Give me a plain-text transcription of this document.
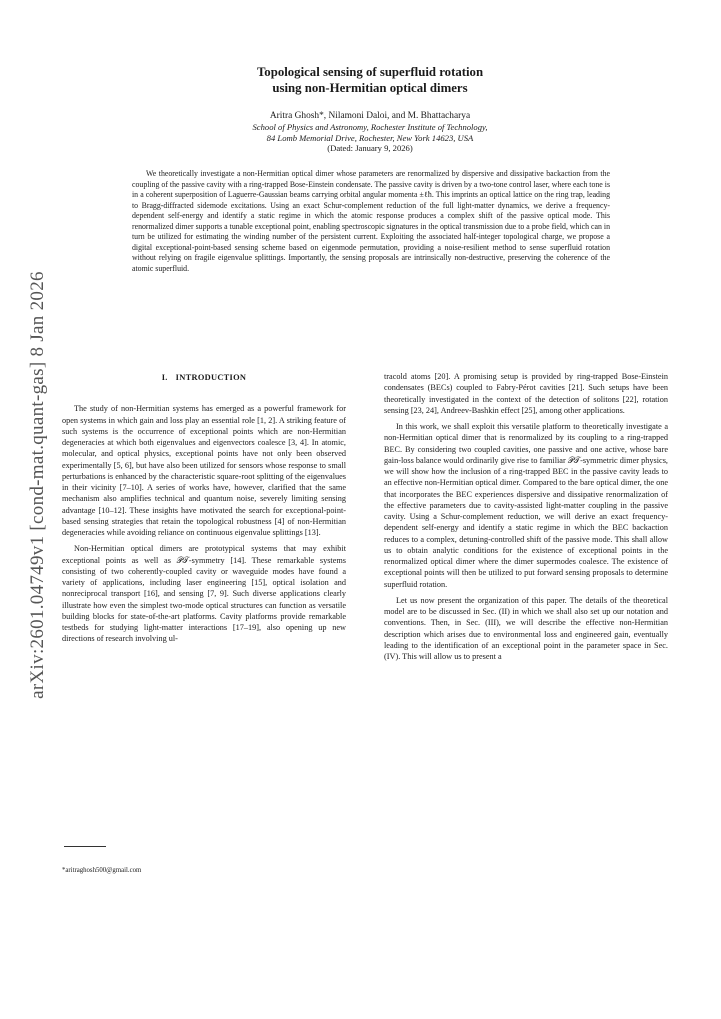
arXiv:2601.04749v1 [cond-mat.quant-gas] 8 Jan 2026
Topological sensing of superfluid rotation
using non-Hermitian optical dimers
Aritra Ghosh*, Nilamoni Daloi, and M. Bhattacharya
School of Physics and Astronomy, Rochester Institute of Technology,
84 Lomb Memorial Drive, Rochester, New York 14623, USA
(Dated: January 9, 2026)

We theoretically investigate a non-Hermitian optical dimer whose parameters are renormalized by dispersive and dissipative backaction from the coupling of the passive cavity with a ring-trapped Bose-Einstein condensate. The passive cavity is driven by a two-tone control laser, where each tone is in a coherent superposition of Laguerre-Gaussian beams carrying orbital angular momenta ±ℓħ. This imprints an optical lattice on the ring trap, leading to Bragg-diffracted sidemode excitations. Using an exact Schur-complement reduction of the full light-matter dynamics, we derive a frequency-dependent self-energy and identify a static regime in which the atomic response produces a complex shift of the passive optical mode. This renormalized dimer supports a tunable exceptional point, enabling spectroscopic signatures in the optical transmission due to a probe field, which can in turn be utilized for estimating the winding number of the persistent current. Exploiting the associated half-integer topological charge, we propose a digital exceptional-point-based sensing scheme based on eigenmode permutation, providing a noise-resilient method to sense superfluid rotation without relying on fragile eigenvalue splittings. Importantly, the sensing proposals are intrinsically non-destructive, preserving the coherence of the atomic superfluid.

I. INTRODUCTION

The study of non-Hermitian systems has emerged as a powerful framework for open systems in which gain and loss play an essential role [1, 2]. A striking feature of such systems is the occurrence of exceptional points which are non-Hermitian degeneracies at which both eigenvalues and eigenvectors coalesce [3, 4]. In atomic, molecular, and optical physics, exceptional points have not only been observed experimentally [5, 6], but have also been utilized for sensors whose response to small perturbations is enhanced by the characteristic square-root splitting of the eigenvalues in their vicinity [7–10]. A series of works have, however, clarified that the same mechanism also amplifies technical and quantum noise, severely limiting sensing advantage [10–12]. These insights have motivated the search for exceptional-point-based sensing strategies that retain the topological robustness [4] of non-Hermitian degeneracies while avoiding reliance on continuous eigenvalue splittings [13].

Non-Hermitian optical dimers are prototypical systems that may exhibit exceptional points as well as 𝒫𝒯-symmetry [14]. These remarkable systems consisting of two coherently-coupled cavity or waveguide modes have found a variety of applications, including laser engineering [15], optical isolation and nonreciprocal transport [16], and sensing [7, 9]. Such diverse applications clearly illustrate how even the simplest two-mode optical structures can function as versatile building blocks for state-of-the-art platforms. Cavity platforms provide remarkable testbeds for studying light-matter interactions [17–19], also opening up new directions of research involving ul-

tracold atoms [20]. A promising setup is provided by ring-trapped Bose-Einstein condensates (BECs) coupled to Fabry-Pérot cavities [21]. Such setups have been theoretically investigated in the context of the detection of solitons [22], rotation sensing [23, 24], Andreev-Bashkin effect [25], among other applications.

In this work, we shall exploit this versatile platform to theoretically investigate a non-Hermitian optical dimer that is renormalized by its coupling to a ring-trapped BEC. By considering two coupled cavities, one passive and one active, whose bare gain-loss balance would ordinarily give rise to familiar 𝒫𝒯-symmetric dimer physics, we will show how the inclusion of a ring-trapped BEC in the passive cavity leads to an effective non-Hermitian optical dimer. Compared to the bare optical dimer, the one that incorporates the BEC experiences dispersive and dissipative renormalization of the effective parameters due to cavity-assisted light-matter coupling in the passive cavity. Using a Schur-complement reduction, we will derive an exact frequency-dependent self-energy and identify a static regime in which the BEC backaction reduces to a complex, detuning-controlled shift of the passive mode. This shall allow us to obtain analytic conditions for the existence of exceptional points in the renormalized optical dimer where the dimer supermodes coalesce. The existence of exceptional points will then be utilized to put forward sensing proposals to determine superfluid rotation.

Let us now present the organization of this paper. The details of the theoretical model are to be discussed in Sec. (II) in which we shall also set up our notation and conventions. Then, in Sec. (III), we will describe the effective non-Hermitian description which arises due to environmental loss and engineered gain, eventually leading to the identification of an exceptional point in the parameter space in Sec. (IV). This will allow us to present a

*aritraghosh500@gmail.com
